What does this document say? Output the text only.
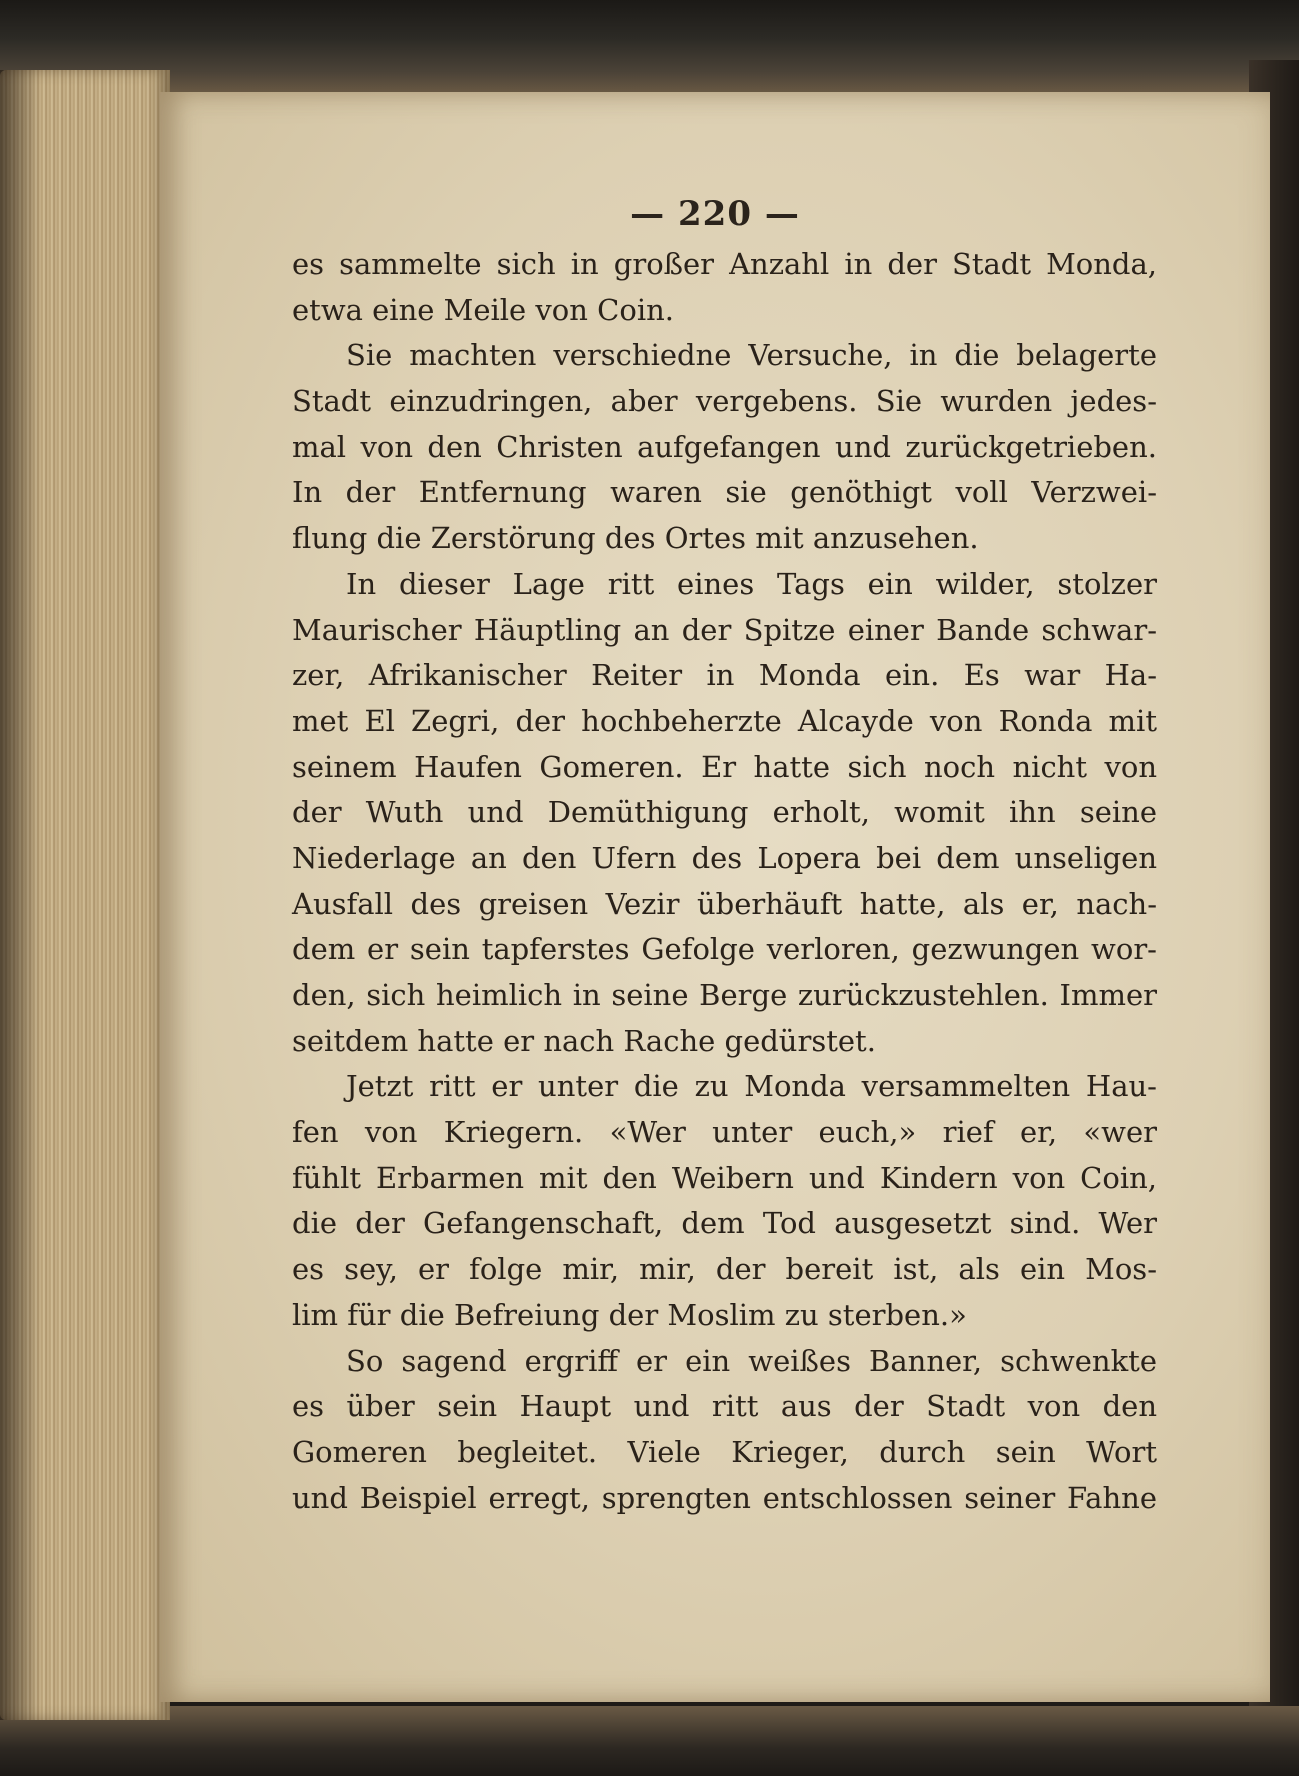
— 220 —

es sammelte sich in großer Anzahl in der Stadt Monda,
etwa eine Meile von Coin.

Sie machten verschiedne Versuche, in die belagerte
Stadt einzudringen, aber vergebens. Sie wurden jedes-
mal von den Christen aufgefangen und zurückgetrieben.
In der Entfernung waren sie genöthigt voll Verzwei-
flung die Zerstörung des Ortes mit anzusehen.

In dieser Lage ritt eines Tags ein wilder, stolzer
Maurischer Häuptling an der Spitze einer Bande schwar-
zer, Afrikanischer Reiter in Monda ein. Es war Ha-
met El Zegri, der hochbeherzte Alcayde von Ronda mit
seinem Haufen Gomeren. Er hatte sich noch nicht von
der Wuth und Demüthigung erholt, womit ihn seine
Niederlage an den Ufern des Lopera bei dem unseligen
Ausfall des greisen Vezir überhäuft hatte, als er, nach-
dem er sein tapferstes Gefolge verloren, gezwungen wor-
den, sich heimlich in seine Berge zurückzustehlen. Immer
seitdem hatte er nach Rache gedürstet.

Jetzt ritt er unter die zu Monda versammelten Hau-
fen von Kriegern. «Wer unter euch,» rief er, «wer
fühlt Erbarmen mit den Weibern und Kindern von Coin,
die der Gefangenschaft, dem Tod ausgesetzt sind. Wer
es sey, er folge mir, mir, der bereit ist, als ein Mos-
lim für die Befreiung der Moslim zu sterben.»

So sagend ergriff er ein weißes Banner, schwenkte
es über sein Haupt und ritt aus der Stadt von den
Gomeren begleitet. Viele Krieger, durch sein Wort
und Beispiel erregt, sprengten entschlossen seiner Fahne
